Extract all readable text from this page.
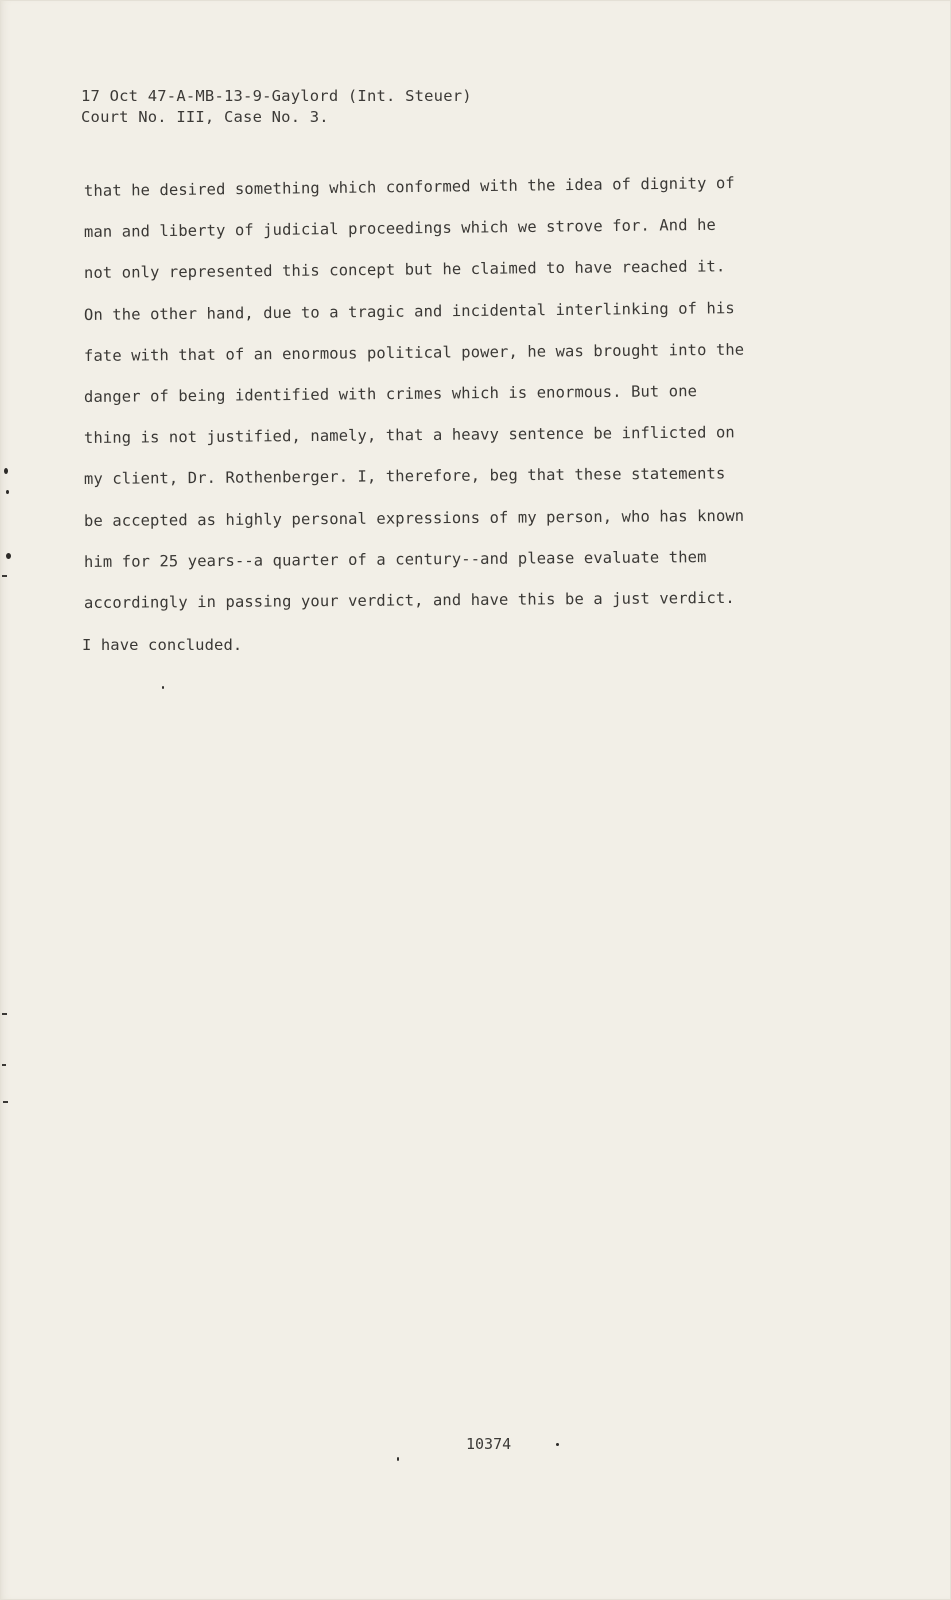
17 Oct 47-A-MB-13-9-Gaylord (Int. Steuer)
Court No. III, Case No. 3.
that he desired something which conformed with the idea of dignity of
man and liberty of judicial proceedings which we strove for. And he
not only represented this concept but he claimed to have reached it.
On the other hand, due to a tragic and incidental interlinking of his
fate with that of an enormous political power, he was brought into the
danger of being identified with crimes which is enormous. But one
thing is not justified, namely, that a heavy sentence be inflicted on
my client, Dr. Rothenberger. I, therefore, beg that these statements
be accepted as highly personal expressions of my person, who has known
him for 25 years--a quarter of a century--and please evaluate them
accordingly in passing your verdict, and have this be a just verdict.
I have concluded.
10374
